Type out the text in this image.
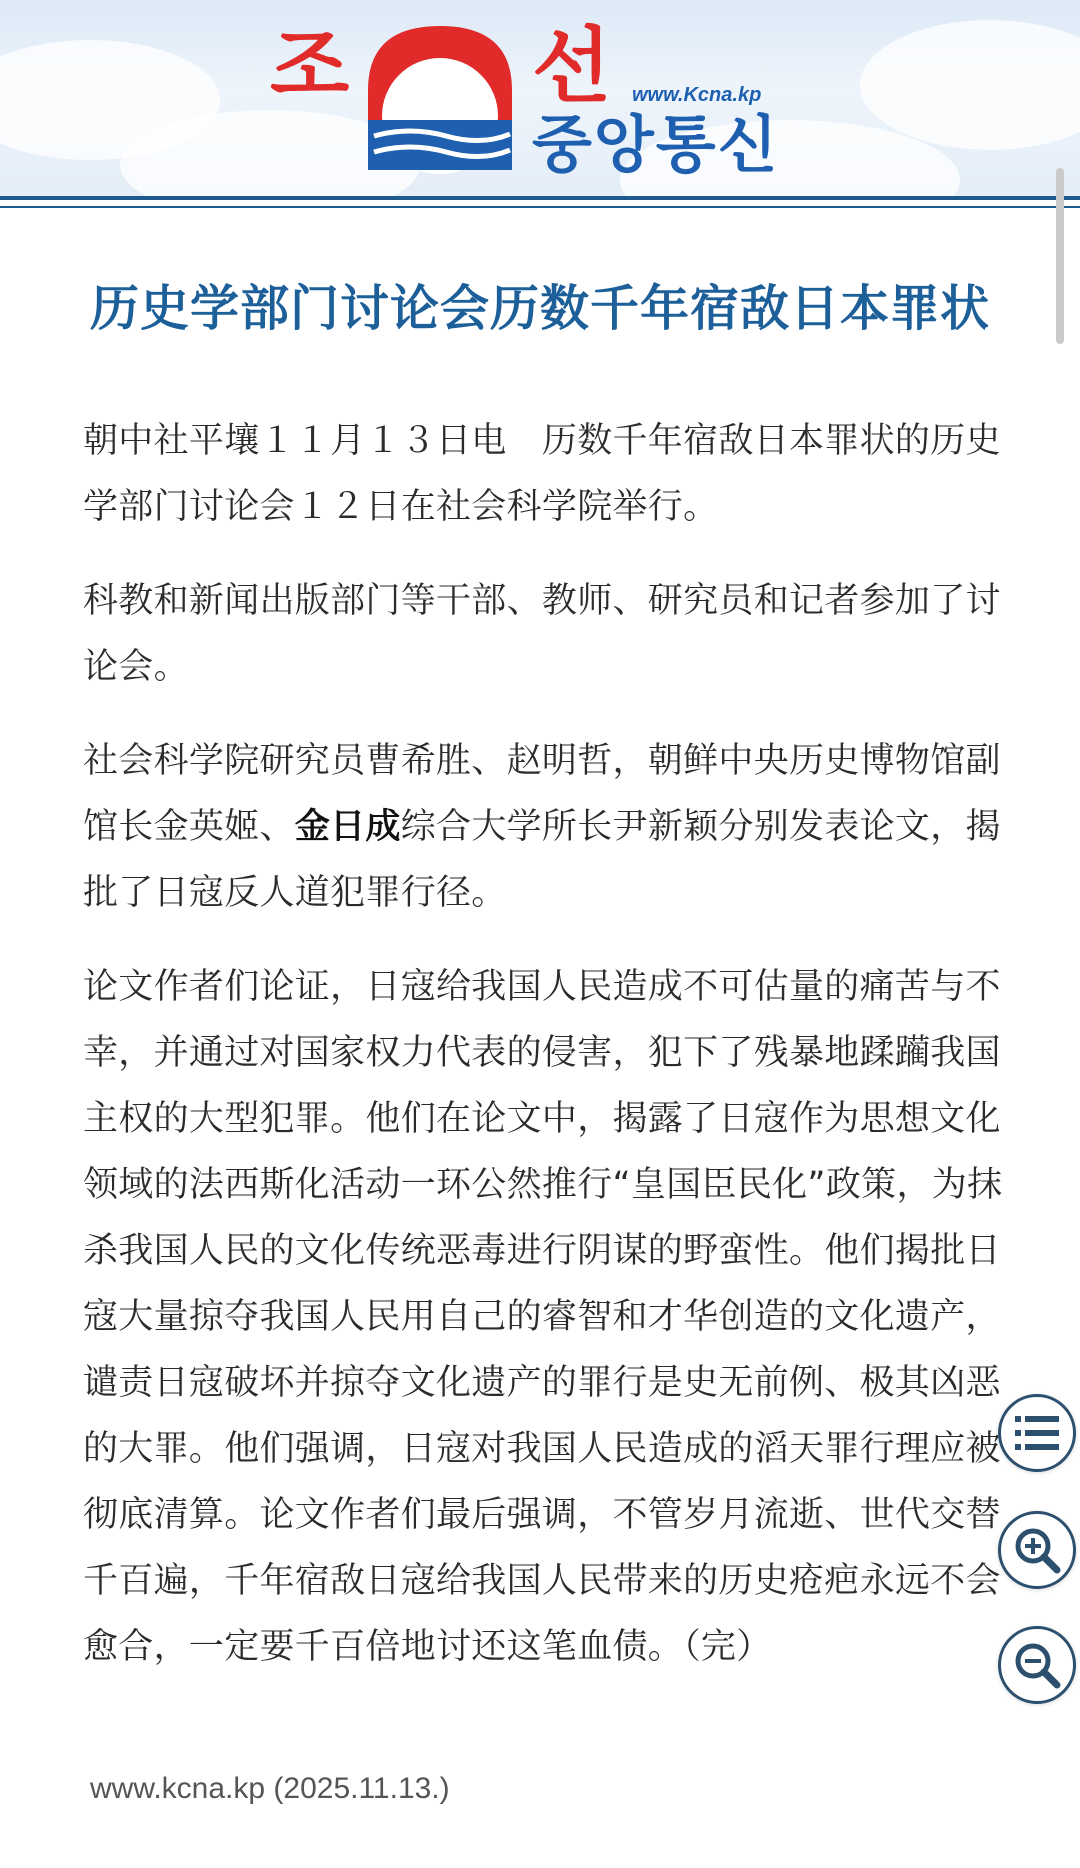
조 선 www.Kcna.kp
중앙통신
历史学部门讨论会历数千年宿敌日本罪状

朝中社平壤１１月１３日电　历数千年宿敌日本罪状的历史学部门讨论会１２日在社会科学院举行。

科教和新闻出版部门等干部、教师、研究员和记者参加了讨论会。

社会科学院研究员曹希胜、赵明哲，朝鲜中央历史博物馆副馆长金英姬、金日成综合大学所长尹新颖分别发表论文，揭批了日寇反人道犯罪行径。

论文作者们论证，日寇给我国人民造成不可估量的痛苦与不幸，并通过对国家权力代表的侵害，犯下了残暴地蹂躏我国主权的大型犯罪。他们在论文中，揭露了日寇作为思想文化领域的法西斯化活动一环公然推行“皇国臣民化”政策，为抹杀我国人民的文化传统恶毒进行阴谋的野蛮性。他们揭批日寇大量掠夺我国人民用自己的睿智和才华创造的文化遗产，谴责日寇破坏并掠夺文化遗产的罪行是史无前例、极其凶恶的大罪。他们强调，日寇对我国人民造成的滔天罪行理应被彻底清算。论文作者们最后强调，不管岁月流逝、世代交替千百遍，千年宿敌日寇给我国人民带来的历史疮疤永远不会愈合，一定要千百倍地讨还这笔血债。（完）

www.kcna.kp (2025.11.13.)
